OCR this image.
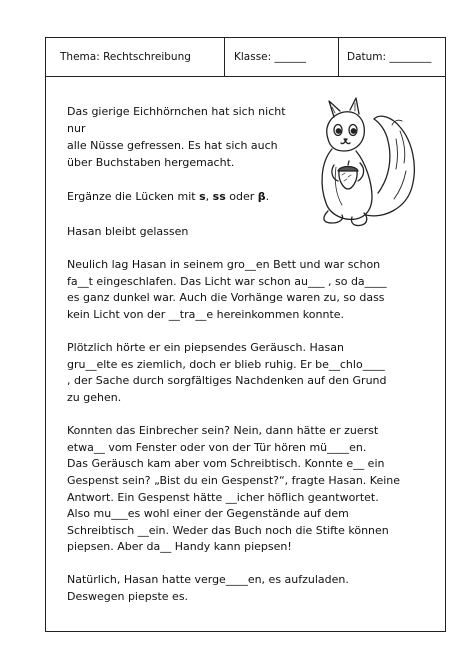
Thema: Rechtschreibung	Klasse: ______	Datum: ________

Das gierige Eichhörnchen hat sich nicht nur

alle Nüsse gefressen. Es hat sich auch

über Buchstaben hergemacht.

Ergänze die Lücken mit s, ss oder β.

Hasan bleibt gelassen

Neulich lag Hasan in seinem gro__en Bett und war schon

fa__t eingeschlafen. Das Licht war schon au___ , so da____

es ganz dunkel war. Auch die Vorhänge waren zu, so dass

kein Licht von der __tra__e hereinkommen konnte.

Plötzlich hörte er ein piepsendes Geräusch. Hasan

gru__elte es ziemlich, doch er blieb ruhig. Er be__chlo____

, der Sache durch sorgfältiges Nachdenken auf den Grund

zu gehen.

Konnten das Einbrecher sein? Nein, dann hätte er zuerst

etwa__ vom Fenster oder von der Tür hören mü____en.

Das Geräusch kam aber vom Schreibtisch. Konnte e__ ein

Gespenst sein? „Bist du ein Gespenst?“, fragte Hasan. Keine

Antwort. Ein Gespenst hätte __icher höflich geantwortet.

Also mu___es wohl einer der Gegenstände auf dem

Schreibtisch __ein. Weder das Buch noch die Stifte können

piepsen. Aber da__ Handy kann piepsen!

Natürlich, Hasan hatte verge____en, es aufzuladen.

Deswegen piepste es.
